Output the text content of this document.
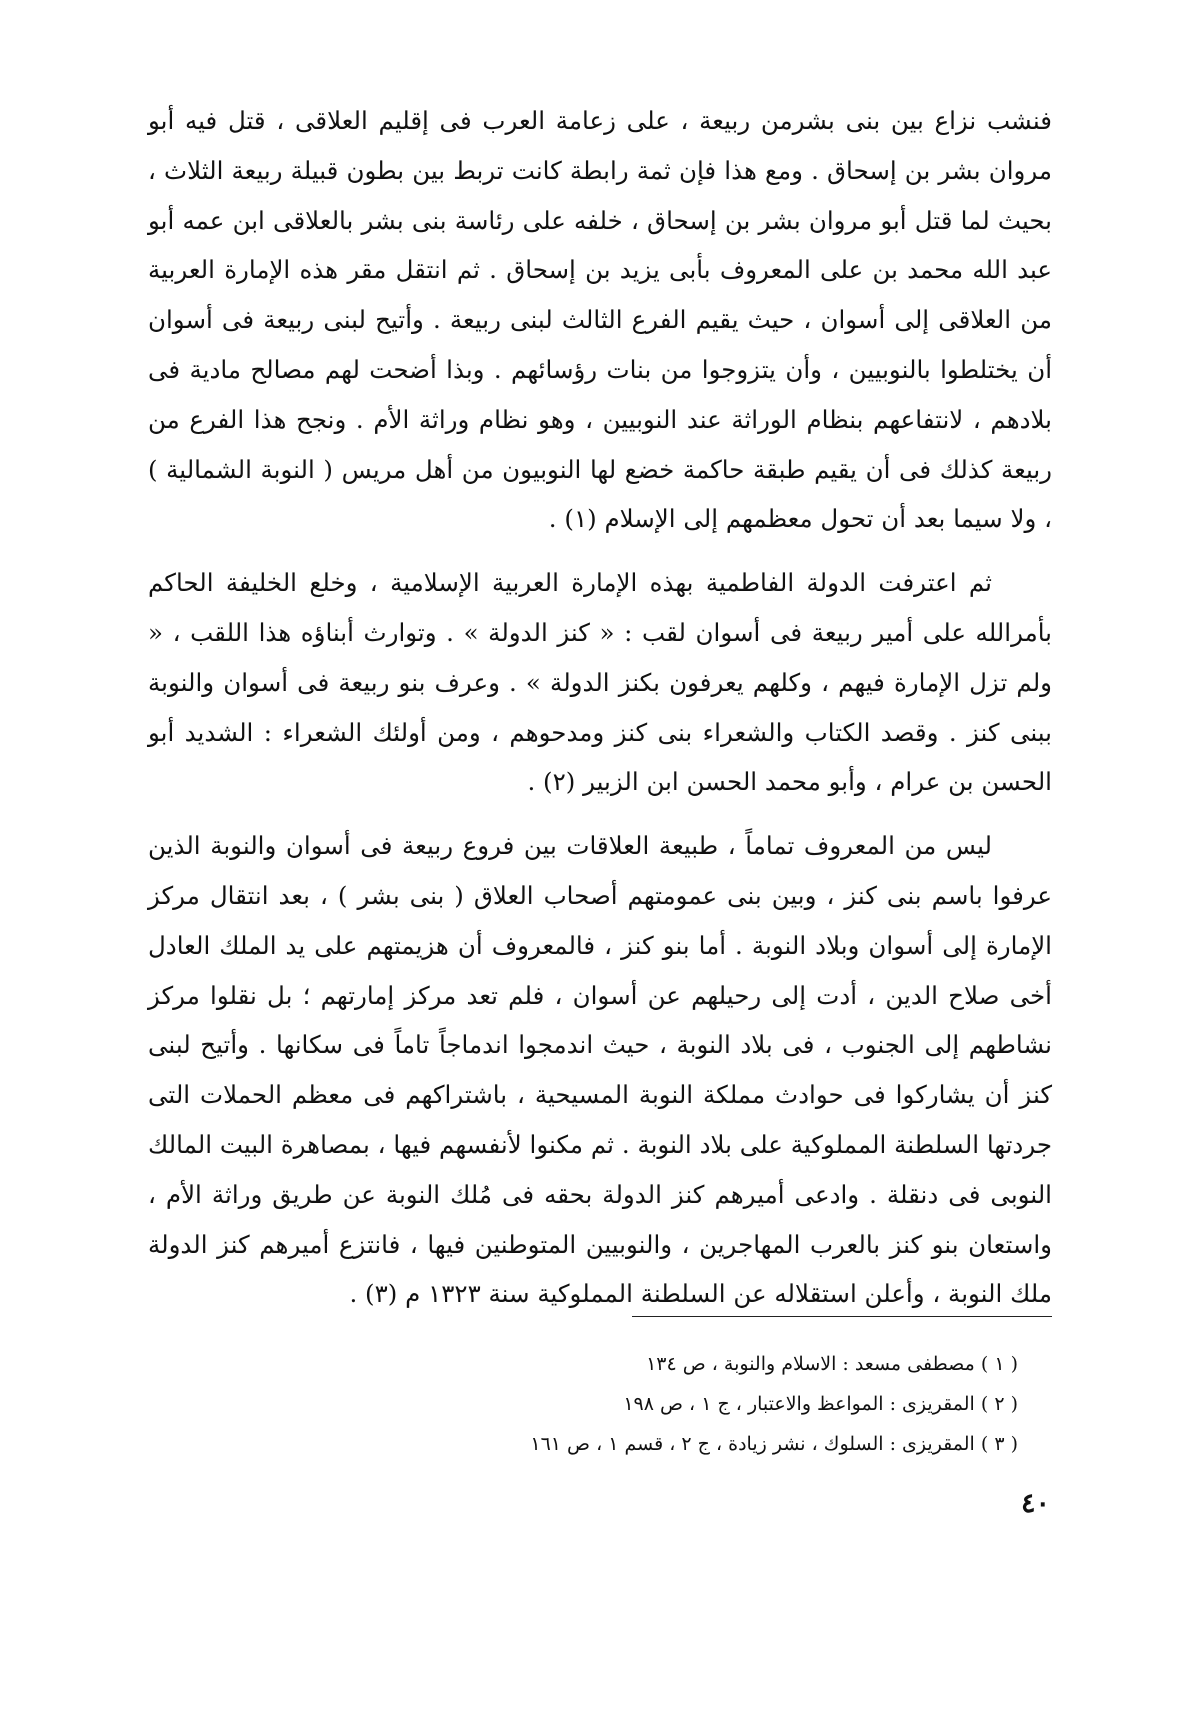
فنشب نزاع بين بنى بشرمن ربيعة ، على زعامة العرب فى إقليم العلاقى ، قتل فيه أبو مروان بشر بن إسحاق . ومع هذا فإن ثمة رابطة كانت تربط بين بطون قبيلة ربيعة الثلاث ، بحيث لما قتل أبو مروان بشر بن إسحاق ، خلفه على رئاسة بنى بشر بالعلاقى ابن عمه أبو عبد الله محمد بن على المعروف بأبى يزيد بن إسحاق . ثم انتقل مقر هذه الإمارة العربية من العلاقى إلى أسوان ، حيث يقيم الفرع الثالث لبنى ربيعة . وأتيح لبنى ربيعة فى أسوان أن يختلطوا بالنوبيين ، وأن يتزوجوا من بنات رؤسائهم . وبذا أضحت لهم مصالح مادية فى بلادهم ، لانتفاعهم بنظام الوراثة عند النوبيين ، وهو نظام وراثة الأم . ونجح هذا الفرع من ربيعة كذلك فى أن يقيم طبقة حاكمة خضع لها النوبيون من أهل مريس ( النوبة الشمالية ) ، ولا سيما بعد أن تحول معظمهم إلى الإسلام (١) .

ثم اعترفت الدولة الفاطمية بهذه الإمارة العربية الإسلامية ، وخلع الخليفة الحاكم بأمرالله على أمير ربيعة فى أسوان لقب : « كنز الدولة » . وتوارث أبناؤه هذا اللقب ، « ولم تزل الإمارة فيهم ، وكلهم يعرفون بكنز الدولة » . وعرف بنو ربيعة فى أسوان والنوبة ببنى كنز . وقصد الكتاب والشعراء بنى كنز ومدحوهم ، ومن أولئك الشعراء : الشديد أبو الحسن بن عرام ، وأبو محمد الحسن ابن الزبير (٢) .

ليس من المعروف تماماً ، طبيعة العلاقات بين فروع ربيعة فى أسوان والنوبة الذين عرفوا باسم بنى كنز ، وبين بنى عمومتهم أصحاب العلاق ( بنى بشر ) ، بعد انتقال مركز الإمارة إلى أسوان وبلاد النوبة . أما بنو كنز ، فالمعروف أن هزيمتهم على يد الملك العادل أخى صلاح الدين ، أدت إلى رحيلهم عن أسوان ، فلم تعد مركز إمارتهم ؛ بل نقلوا مركز نشاطهم إلى الجنوب ، فى بلاد النوبة ، حيث اندمجوا اندماجاً تاماً فى سكانها . وأتيح لبنى كنز أن يشاركوا فى حوادث مملكة النوبة المسيحية ، باشتراكهم فى معظم الحملات التى جردتها السلطنة المملوكية على بلاد النوبة . ثم مكنوا لأنفسهم فيها ، بمصاهرة البيت المالك النوبى فى دنقلة . وادعى أميرهم كنز الدولة بحقه فى مُلك النوبة عن طريق وراثة الأم ، واستعان بنو كنز بالعرب المهاجرين ، والنوبيين المتوطنين فيها ، فانتزع أميرهم كنز الدولة ملك النوبة ، وأعلن استقلاله عن السلطنة المملوكية سنة ١٣٢٣ م (٣) .

( ١ ) مصطفى مسعد : الاسلام والنوبة ، ص ١٣٤

( ٢ ) المقريزى : المواعظ والاعتبار ، ج ١ ، ص ١٩٨

( ٣ ) المقريزى : السلوك ، نشر زيادة ، ج ٢ ، قسم ١ ، ص ١٦١

٤٠
